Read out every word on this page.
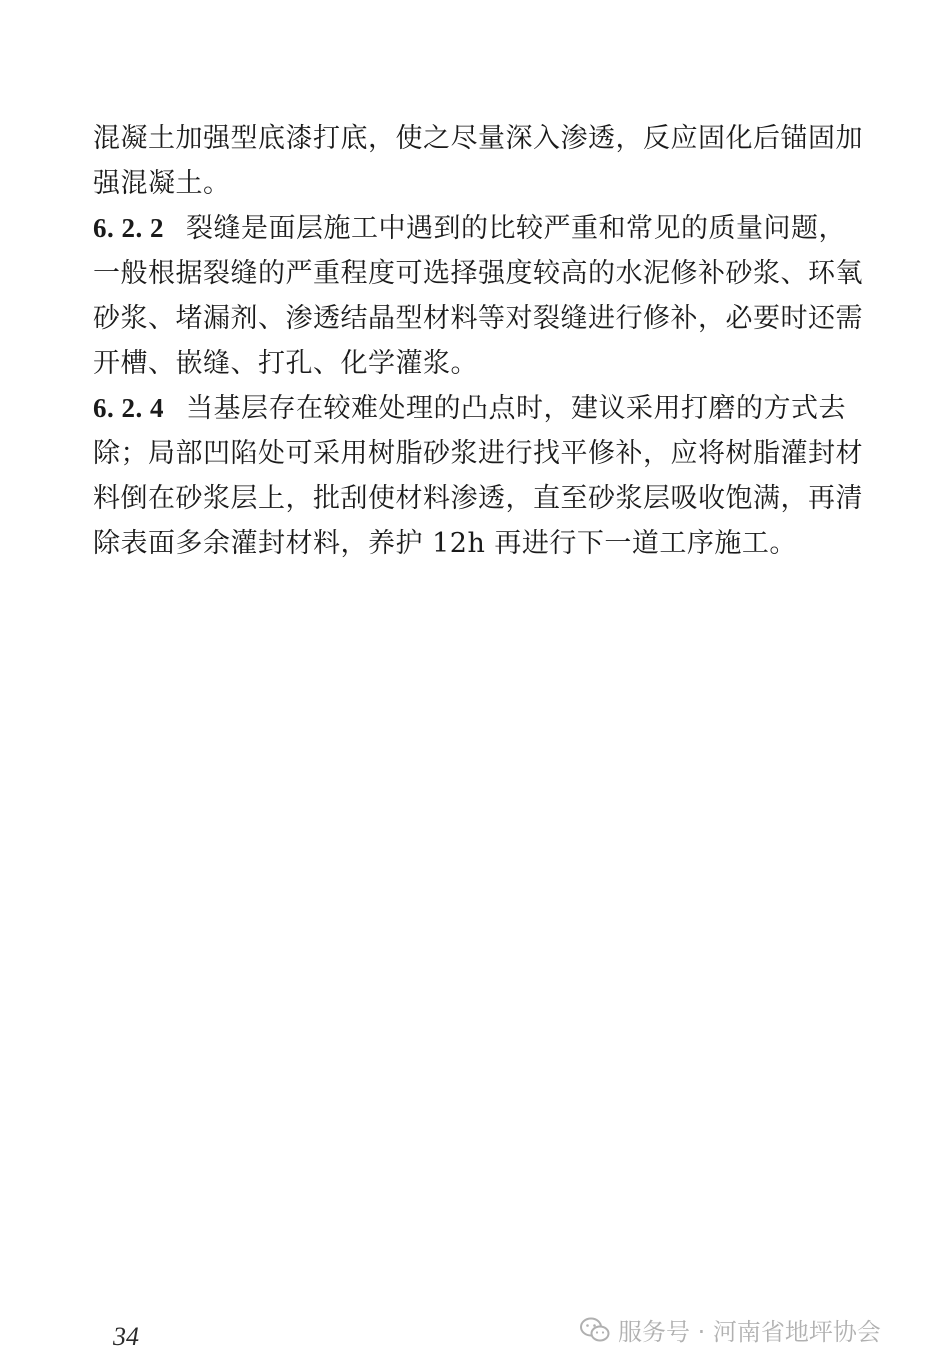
混凝土加强型底漆打底，使之尽量深入渗透，反应固化后锚固加
强混凝土。
6. 2. 2 裂缝是面层施工中遇到的比较严重和常见的质量问题，
一般根据裂缝的严重程度可选择强度较高的水泥修补砂浆、环氧
砂浆、堵漏剂、渗透结晶型材料等对裂缝进行修补，必要时还需
开槽、嵌缝、打孔、化学灌浆。
6. 2. 4 当基层存在较难处理的凸点时，建议采用打磨的方式去
除；局部凹陷处可采用树脂砂浆进行找平修补，应将树脂灌封材
料倒在砂浆层上，批刮使材料渗透，直至砂浆层吸收饱满，再清
除表面多余灌封材料，养护 12h 再进行下一道工序施工。
34	服务号 · 河南省地坪协会
